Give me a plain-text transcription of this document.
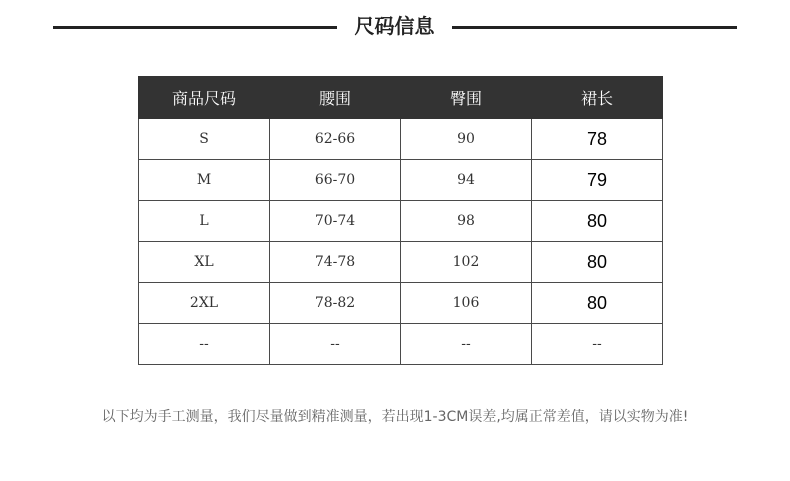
尺码信息
商品尺码	腰围	臀围	裙长
S	62-66	90	78
M	66-70	94	79
L	70-74	98	80
XL	74-78	102	80
2XL	78-82	106	80
--	--	--	--

以下均为手工测量，我们尽量做到精准测量，若出现1-3CM误差,均属正常差值，请以实物为准!
